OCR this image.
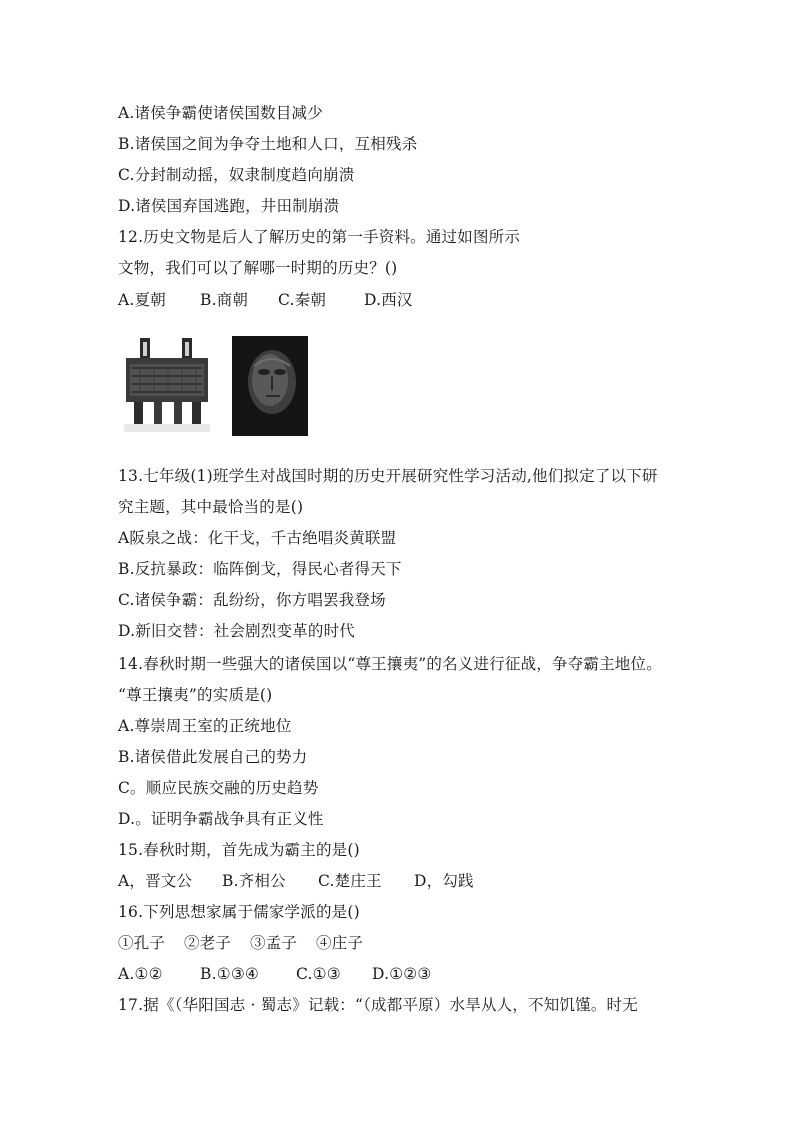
A.诸侯争霸使诸侯国数目减少
B.诸侯国之间为争夺土地和人口，互相残杀
C.分封制动摇，奴隶制度趋向崩溃
D.诸侯国弃国逃跑，井田制崩溃
12.历史文物是后人了解历史的第一手资料。通过如图所示
文物，我们可以了解哪一时期的历史？()
A.夏朝 B.商朝 C.秦朝 D.西汉
13.七年级(1)班学生对战国时期的历史开展研究性学习活动,他们拟定了以下研
究主题，其中最恰当的是()
A阪泉之战：化干戈，千古绝唱炎黄联盟
B.反抗暴政：临阵倒戈，得民心者得天下
C.诸侯争霸：乱纷纷，你方唱罢我登场
D.新旧交替：社会剧烈变革的时代
14.春秋时期一些强大的诸侯国以“尊王攘夷”的名义进行征战，争夺霸主地位。
“尊王攘夷”的实质是()
A.尊崇周王室的正统地位
B.诸侯借此发展自己的势力
C。顺应民族交融的历史趋势
D.。证明争霸战争具有正义性
15.春秋时期，首先成为霸主的是()
A，晋文公 B.齐相公 C.楚庄王 D，勾践
16.下列思想家属于儒家学派的是()
①孔子 ②老子 ③孟子 ④庄子
A.①② B.①③④ C.①③ D.①②③
17.据《（华阳国志 · 蜀志》记载：“（成都平原）水旱从人，不知饥馑。时无
